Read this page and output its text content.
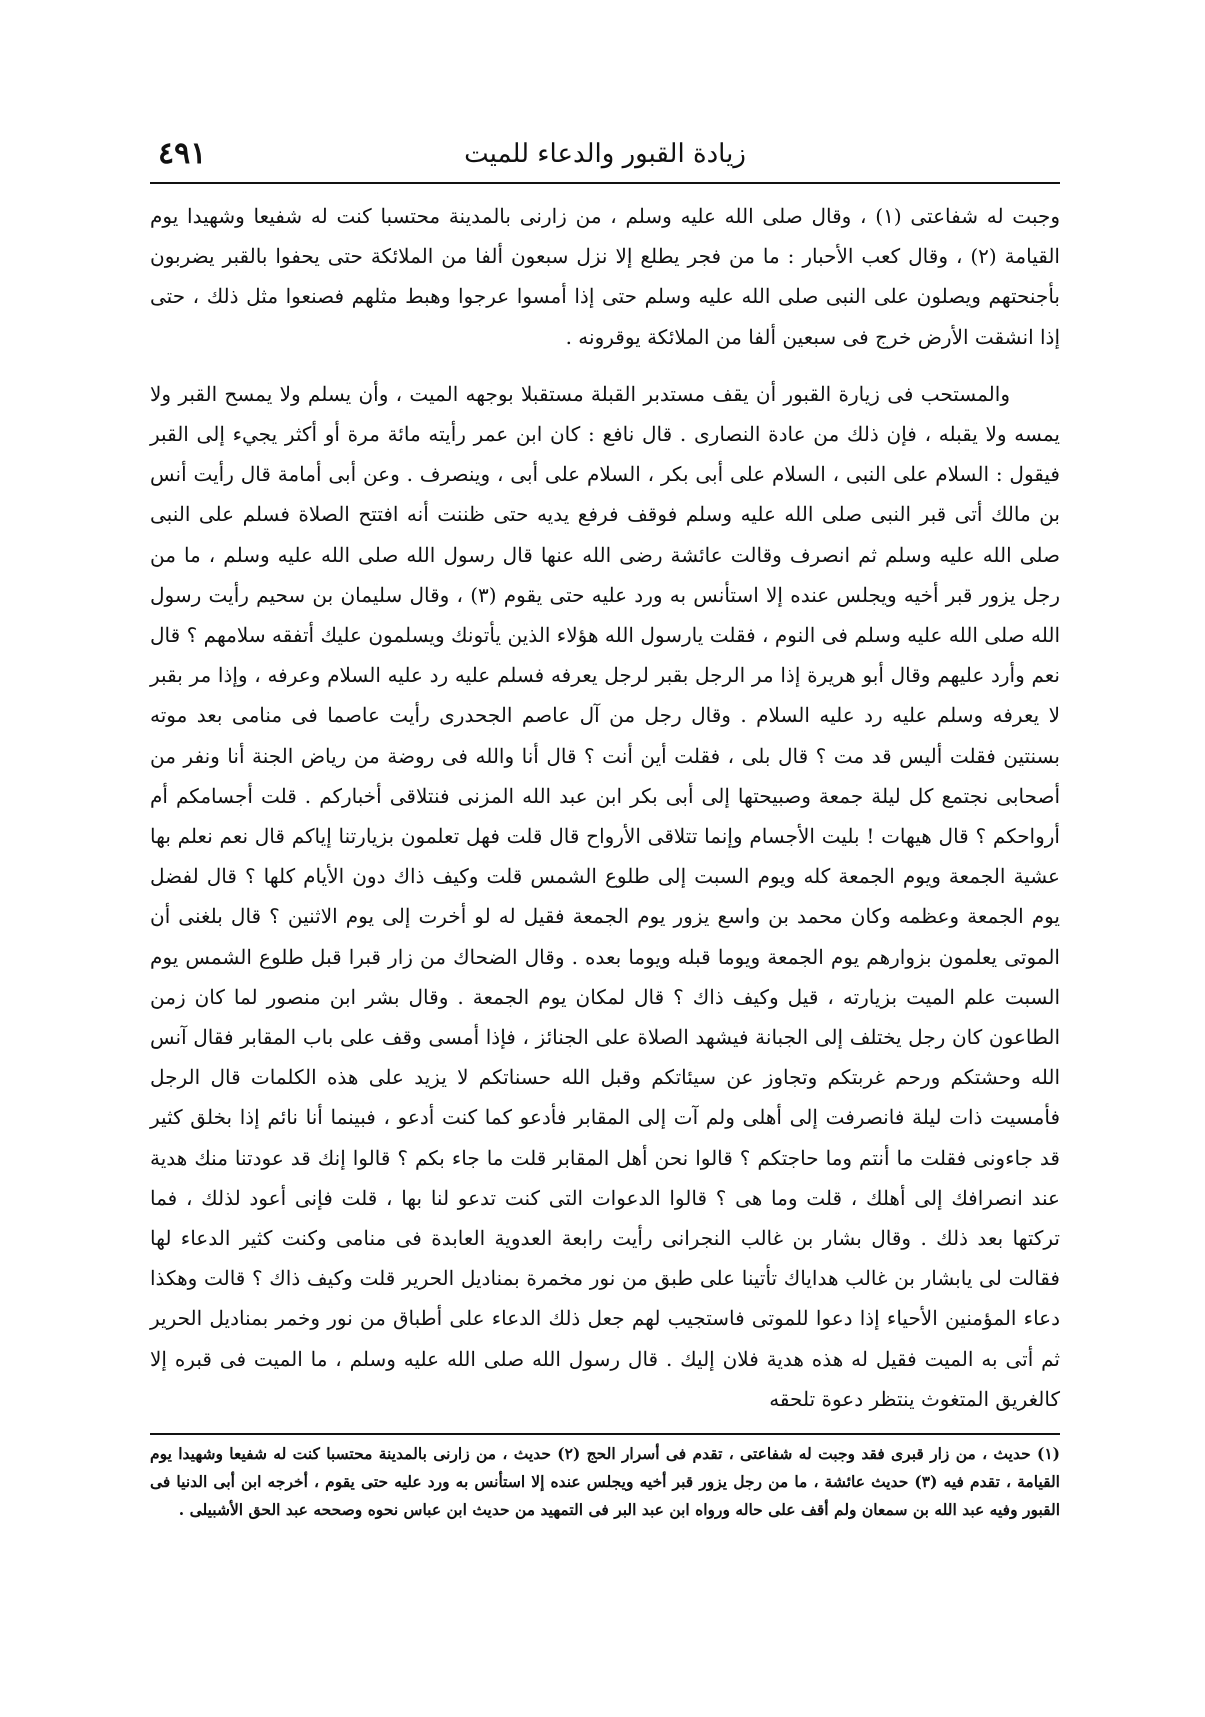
٤٩١	زيادة القبور والدعاء للميت

وجبت له شفاعتى (١) ، وقال صلى الله عليه وسلم ، من زارنى بالمدينة محتسبا كنت له شفيعا وشهيدا يوم القيامة (٢) ، وقال كعب الأحبار : ما من فجر يطلع إلا نزل سبعون ألفا من الملائكة حتى يحفوا بالقبر يضربون بأجنحتهم ويصلون على النبى صلى الله عليه وسلم حتى إذا أمسوا عرجوا وهبط مثلهم فصنعوا مثل ذلك ، حتى إذا انشقت الأرض خرج فى سبعين ألفا من الملائكة يوقرونه .

والمستحب فى زيارة القبور أن يقف مستدبر القبلة مستقبلا بوجهه الميت ، وأن يسلم ولا يمسح القبر ولا يمسه ولا يقبله ، فإن ذلك من عادة النصارى . قال نافع : كان ابن عمر رأيته مائة مرة أو أكثر يجيء إلى القبر فيقول : السلام على النبى ، السلام على أبى بكر ، السلام على أبى ، وينصرف . وعن أبى أمامة قال رأيت أنس بن مالك أتى قبر النبى صلى الله عليه وسلم فوقف فرفع يديه حتى ظننت أنه افتتح الصلاة فسلم على النبى صلى الله عليه وسلم ثم انصرف وقالت عائشة رضى الله عنها قال رسول الله صلى الله عليه وسلم ، ما من رجل يزور قبر أخيه ويجلس عنده إلا استأنس به ورد عليه حتى يقوم (٣) ، وقال سليمان بن سحيم رأيت رسول الله صلى الله عليه وسلم فى النوم ، فقلت يارسول الله هؤلاء الذين يأتونك ويسلمون عليك أتفقه سلامهم ؟ قال نعم وأرد عليهم وقال أبو هريرة إذا مر الرجل بقبر لرجل يعرفه فسلم عليه رد عليه السلام وعرفه ، وإذا مر بقبر لا يعرفه وسلم عليه رد عليه السلام . وقال رجل من آل عاصم الجحدرى رأيت عاصما فى منامى بعد موته بسنتين فقلت أليس قد مت ؟ قال بلى ، فقلت أين أنت ؟ قال أنا والله فى روضة من رياض الجنة أنا ونفر من أصحابى نجتمع كل ليلة جمعة وصبيحتها إلى أبى بكر ابن عبد الله المزنى فنتلاقى أخباركم . قلت أجسامكم أم أرواحكم ؟ قال هيهات ! بليت الأجسام وإنما تتلاقى الأرواح قال قلت فهل تعلمون بزيارتنا إياكم قال نعم نعلم بها عشية الجمعة ويوم الجمعة كله ويوم السبت إلى طلوع الشمس قلت وكيف ذاك دون الأيام كلها ؟ قال لفضل يوم الجمعة وعظمه وكان محمد بن واسع يزور يوم الجمعة فقيل له لو أخرت إلى يوم الاثنين ؟ قال بلغنى أن الموتى يعلمون بزوارهم يوم الجمعة ويوما قبله ويوما بعده . وقال الضحاك من زار قبرا قبل طلوع الشمس يوم السبت علم الميت بزيارته ، قيل وكيف ذاك ؟ قال لمكان يوم الجمعة . وقال بشر ابن منصور لما كان زمن الطاعون كان رجل يختلف إلى الجبانة فيشهد الصلاة على الجنائز ، فإذا أمسى وقف على باب المقابر فقال آنس الله وحشتكم ورحم غربتكم وتجاوز عن سيئاتكم وقبل الله حسناتكم لا يزيد على هذه الكلمات قال الرجل فأمسيت ذات ليلة فانصرفت إلى أهلى ولم آت إلى المقابر فأدعو كما كنت أدعو ، فبينما أنا نائم إذا بخلق كثير قد جاءونى فقلت ما أنتم وما حاجتكم ؟ قالوا نحن أهل المقابر قلت ما جاء بكم ؟ قالوا إنك قد عودتنا منك هدية عند انصرافك إلى أهلك ، قلت وما هى ؟ قالوا الدعوات التى كنت تدعو لنا بها ، قلت فإنى أعود لذلك ، فما تركتها بعد ذلك . وقال بشار بن غالب النجرانى رأيت رابعة العدوية العابدة فى منامى وكنت كثير الدعاء لها فقالت لى يابشار بن غالب هداياك تأتينا على طبق من نور مخمرة بمناديل الحرير قلت وكيف ذاك ؟ قالت وهكذا دعاء المؤمنين الأحياء إذا دعوا للموتى فاستجيب لهم جعل ذلك الدعاء على أطباق من نور وخمر بمناديل الحرير ثم أتى به الميت فقيل له هذه هدية فلان إليك . قال رسول الله صلى الله عليه وسلم ، ما الميت فى قبره إلا كالغريق المتغوث ينتظر دعوة تلحقه

(١) حديث ، من زار قبرى فقد وجبت له شفاعتى ، تقدم فى أسرار الحج (٢) حديث ، من زارنى بالمدينة محتسبا كنت له شفيعا وشهيدا يوم القيامة ، تقدم فيه (٣) حديث عائشة ، ما من رجل يزور قبر أخيه ويجلس عنده إلا استأنس به ورد عليه حتى يقوم ، أخرجه ابن أبى الدنيا فى القبور وفيه عبد الله بن سمعان ولم أقف على حاله ورواه ابن عبد البر فى التمهيد من حديث ابن عباس نحوه وصححه عبد الحق الأشبيلى .
